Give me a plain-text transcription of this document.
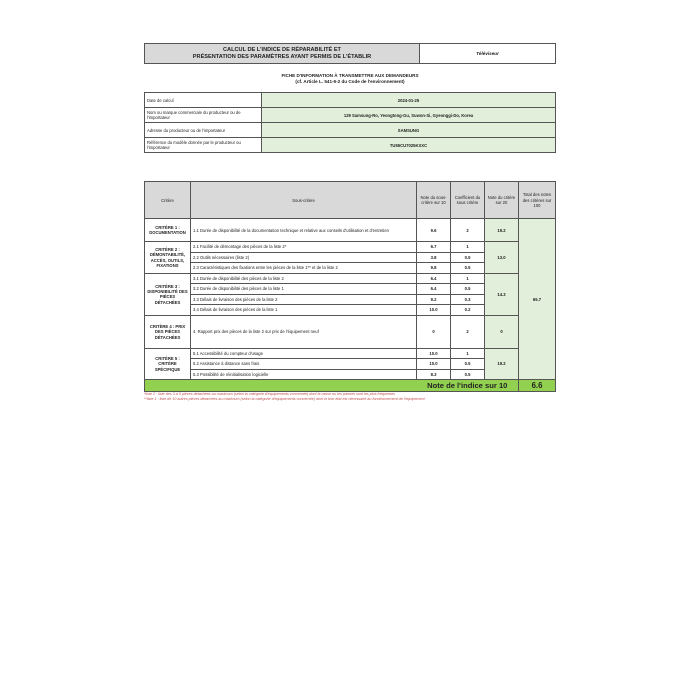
CALCUL DE L'INDICE DE RÉPARABILITÉ ET
PRÉSENTATION DES PARAMÈTRES AYANT PERMIS DE L'ÉTABLIR	Téléviseur
FICHE D'INFORMATION À TRANSMETTRE AUX DEMANDEURS
(cf. Article L. 541-9-2 du Code de l'environnement)
Date de calcul	2024-01-25
Nom ou marque commerciale du producteur ou de l'importateur	129 Samsung-Ro, Yeongtong-Gu, Suwon-Si, Gyeonggi-Do, Korea
Adresse du producteur ou de l'importateur	SAMSUNG
Référence du modèle donnée par le producteur ou l'importateur	TU55CU7025KXXC
Critère	Sous-critère	Note du sous-critère sur 10	Coefficient du sous critère	Note du critère sur 20	Total des notes des critères sur 100
CRITÈRE 1 : DOCUMENTATION	1.1 Durée de disponibilité de la documentation technique et relative aux conseils d'utilisation et d'entretien	9.6	2	19.2	65.7
CRITÈRE 2 : DÉMONTABILITÉ, ACCÈS, OUTILS, FIXATIONS	2.1 Facilité de démontage des pièces de la liste 2*	6.7	1	13.0	
	2.2 Outils nécessaires (liste 2)	3.8	0.5		
	2.3 Caractéristiques des fixations entre les pièces de la liste 1** et de la liste 2	9.8	0.5		
CRITÈRE 3 : DISPONIBILITÉ DES PIÈCES DÉTACHÉES	3.1 Durée de disponibilité des pièces de la liste 2	6.4	1	14.3	
	3.2 Durée de disponibilité des pièces de la liste 1	6.4	0.5		
	3.3 Délais de livraison des pièces de la liste 2	9.2	0.3		
	3.4 Délais de livraison des pièces de la liste 1	10.0	0.2		
CRITÈRE 4 : PRIX DES PIÈCES DÉTACHÉES	4. Rapport prix des pièces de la liste 2 sur prix de l'équipement neuf	0	2	0	
CRITÈRE 5 : CRITÈRE SPÉCIFIQUE	5.1 Accessibilité du compteur d'usage	10.0	1	19.2	
	5.2 Assistance à distance sans frais	10.0	0.5		
	5.3 Possibilité de réinitialisation logicielle	8.3	0.5		
		Note de l'indice sur 10			6.6
*liste 2 : liste des 3 à 5 pièces détachées au maximum (selon la catégorie d'équipements concernée) dont la casse ou les pannes sont les plus fréquentes
**liste 1 : liste de 10 autres pièces détachées au maximum (selon la catégorie d'équipements concernée) dont le bon état est nécessaire au fonctionnement de l'équipement
